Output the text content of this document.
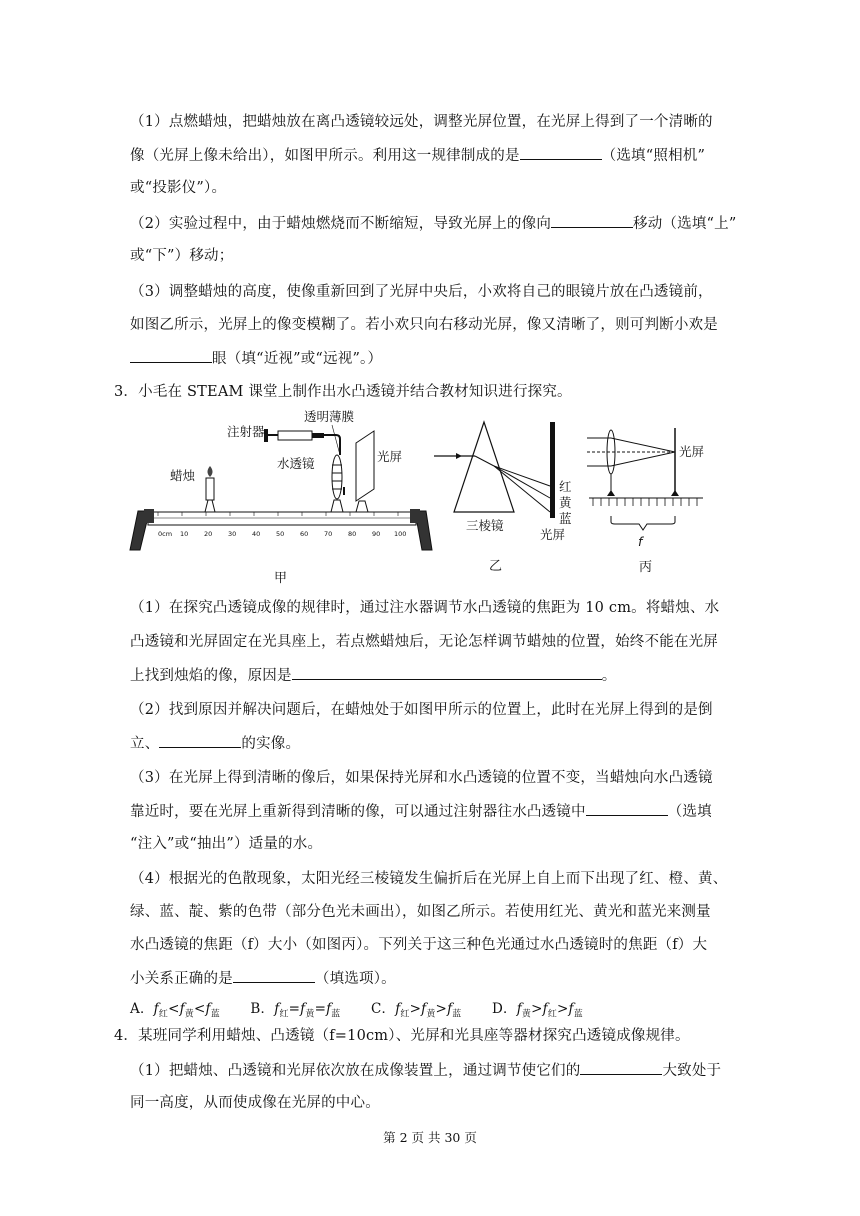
（1）点燃蜡烛，把蜡烛放在离凸透镜较远处，调整光屏位置，在光屏上得到了一个清晰的
像（光屏上像未给出），如图甲所示。利用这一规律制成的是	（选填“照相机”
或“投影仪”）。
（2）实验过程中，由于蜡烛燃烧而不断缩短，导致光屏上的像向	移动（选填“上”
或“下”）移动；
（3）调整蜡烛的高度，使像重新回到了光屏中央后，小欢将自己的眼镜片放在凸透镜前，
如图乙所示，光屏上的像变模糊了。若小欢只向右移动光屏，像又清晰了，则可判断小欢是
眼（填“近视”或“远视”。）
3．小毛在 STEAM 课堂上制作出水凸透镜并结合教材知识进行探究。
0cm 10 20 30 40 50 60 70 80 90 100
注射器
透明薄膜
蜡烛
水透镜	光屏
甲
红
黄
蓝
三棱镜
光屏
乙
光屏
f
丙
（1）在探究凸透镜成像的规律时，通过注水器调节水凸透镜的焦距为 10 cm。将蜡烛、水
凸透镜和光屏固定在光具座上，若点燃蜡烛后，无论怎样调节蜡烛的位置，始终不能在光屏
上找到烛焰的像，原因是	。
（2）找到原因并解决问题后，在蜡烛处于如图甲所示的位置上，此时在光屏上得到的是倒
立、	的实像。
（3）在光屏上得到清晰的像后，如果保持光屏和水凸透镜的位置不变，当蜡烛向水凸透镜
靠近时，要在光屏上重新得到清晰的像，可以通过注射器往水凸透镜中	（选填
“注入”或“抽出”）适量的水。
（4）根据光的色散现象，太阳光经三棱镜发生偏折后在光屏上自上而下出现了红、橙、黄、
绿、蓝、靛、紫的色带（部分色光未画出），如图乙所示。若使用红光、黄光和蓝光来测量
水凸透镜的焦距（f）大小（如图丙）。下列关于这三种色光通过水凸透镜时的焦距（f）大
小关系正确的是	（填选项）。
A．$f_红<f_黄<f_蓝$ B．$f_红=f_黄=f_蓝$ C．$f_红>f_黄>f_蓝$ D．$f_黄>f_红>f_蓝$
4．某班同学利用蜡烛、凸透镜（f=10cm）、光屏和光具座等器材探究凸透镜成像规律。
（1）把蜡烛、凸透镜和光屏依次放在成像装置上，通过调节使它们的	大致处于
同一高度，从而使成像在光屏的中心。
第 2 页 共 30 页
